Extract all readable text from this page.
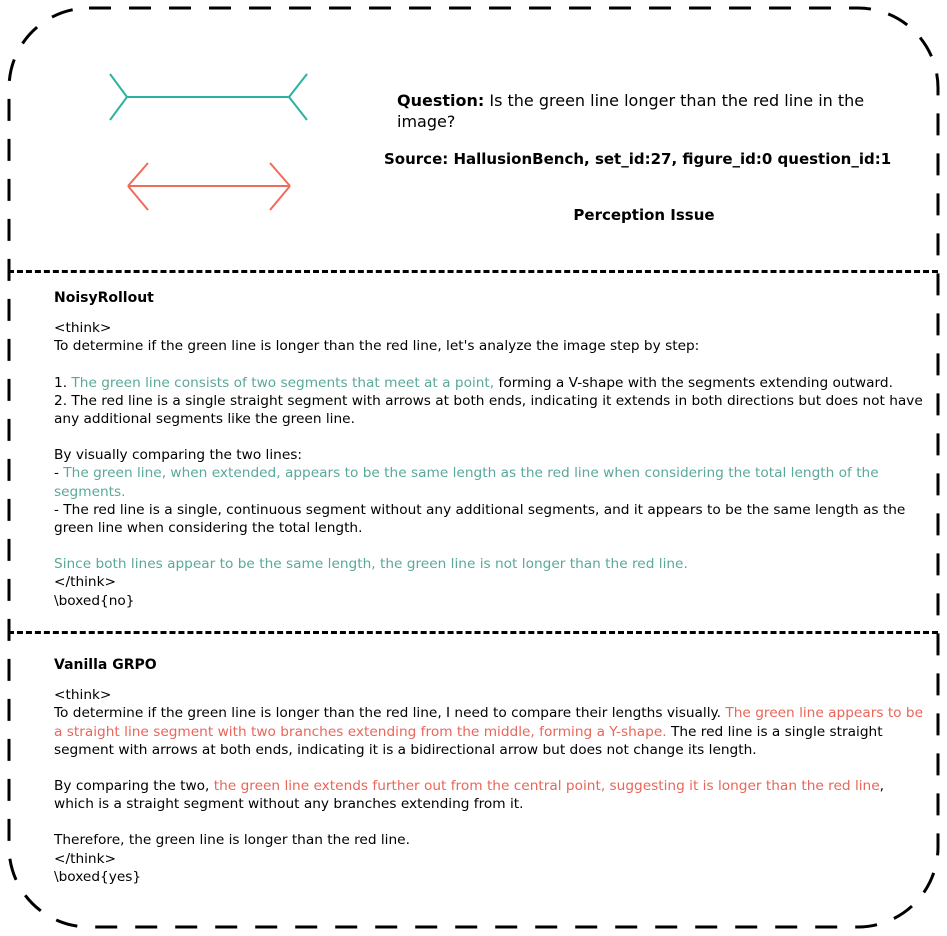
Question: Is the green line longer than the red line in the image?
Source: HallusionBench, set_id:27, figure_id:0 question_id:1
Perception Issue
NoisyRollout

<think>

To determine if the green line is longer than the red line, let's analyze the image step by step:

1. The green line consists of two segments that meet at a point, forming a V-shape with the segments extending outward.

2. The red line is a single straight segment with arrows at both ends, indicating it extends in both directions but does not have any additional segments like the green line.

By visually comparing the two lines:

- The green line, when extended, appears to be the same length as the red line when considering the total length of the segments.

- The red line is a single, continuous segment without any additional segments, and it appears to be the same length as the green line when considering the total length.

Since both lines appear to be the same length, the green line is not longer than the red line.

</think>

\boxed{no}

Vanilla GRPO

<think>

To determine if the green line is longer than the red line, I need to compare their lengths visually. The green line appears to be a straight line segment with two branches extending from the middle, forming a Y-shape. The red line is a single straight segment with arrows at both ends, indicating it is a bidirectional arrow but does not change its length.

By comparing the two, the green line extends further out from the central point, suggesting it is longer than the red line, which is a straight segment without any branches extending from it.

Therefore, the green line is longer than the red line.

</think>

\boxed{yes}
